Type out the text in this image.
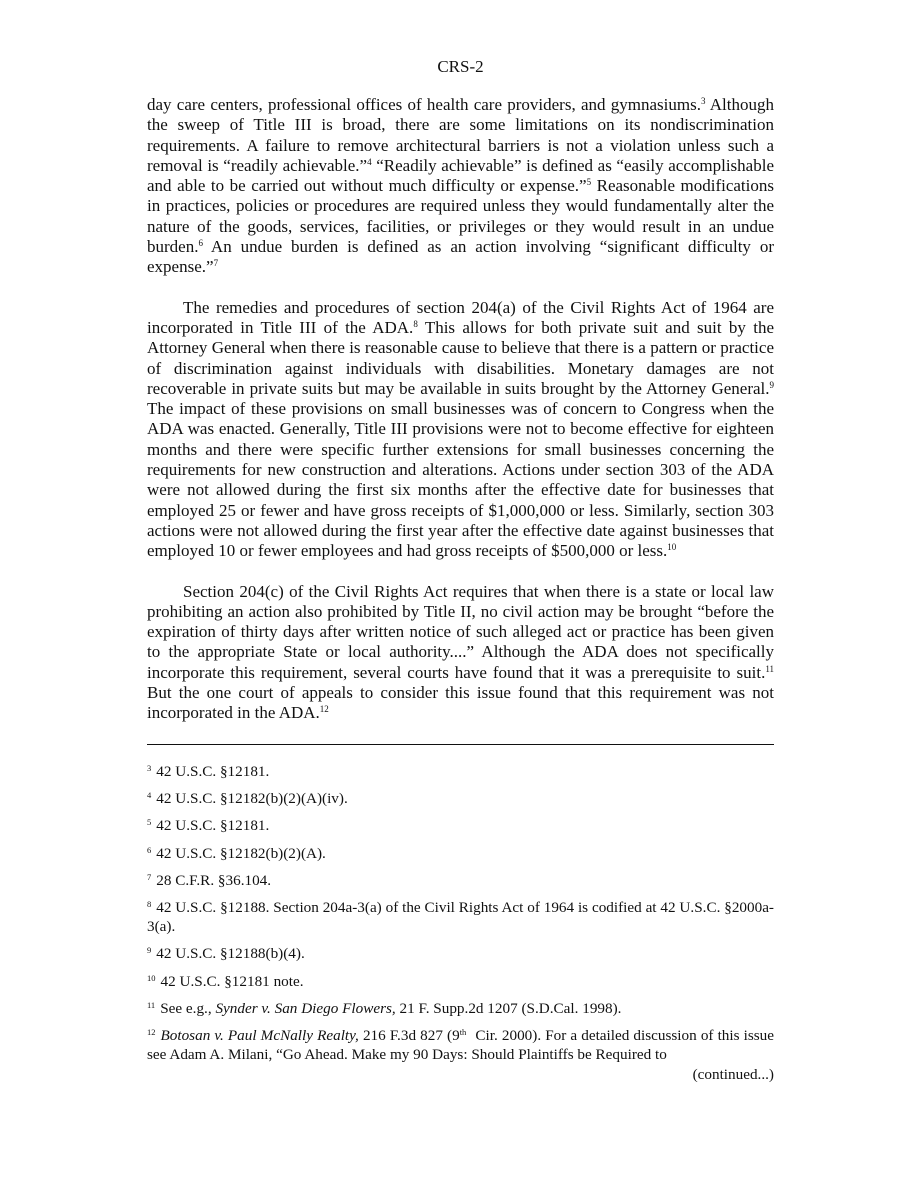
CRS-2

day care centers, professional offices of health care providers, and gymnasiums.$^3$ Although the sweep of Title III is broad, there are some limitations on its nondiscrimination requirements. A failure to remove architectural barriers is not a violation unless such a removal is “readily achievable.”$^4$ “Readily achievable” is defined as “easily accomplishable and able to be carried out without much difficulty or expense.”$^5$ Reasonable modifications in practices, policies or procedures are required unless they would fundamentally alter the nature of the goods, services, facilities, or privileges or they would result in an undue burden.$^6$ An undue burden is defined as an action involving “significant difficulty or expense.”$^7$

The remedies and procedures of section 204(a) of the Civil Rights Act of 1964 are incorporated in Title III of the ADA.$^8$ This allows for both private suit and suit by the Attorney General when there is reasonable cause to believe that there is a pattern or practice of discrimination against individuals with disabilities. Monetary damages are not recoverable in private suits but may be available in suits brought by the Attorney General.$^9$ The impact of these provisions on small businesses was of concern to Congress when the ADA was enacted. Generally, Title III provisions were not to become effective for eighteen months and there were specific further extensions for small businesses concerning the requirements for new construction and alterations. Actions under section 303 of the ADA were not allowed during the first six months after the effective date for businesses that employed 25 or fewer and have gross receipts of $1,000,000 or less. Similarly, section 303 actions were not allowed during the first year after the effective date against businesses that employed 10 or fewer employees and had gross receipts of $500,000 or less.$^{10}$

Section 204(c) of the Civil Rights Act requires that when there is a state or local law prohibiting an action also prohibited by Title II, no civil action may be brought “before the expiration of thirty days after written notice of such alleged act or practice has been given to the appropriate State or local authority....” Although the ADA does not specifically incorporate this requirement, several courts have found that it was a prerequisite to suit.$^{11}$ But the one court of appeals to consider this issue found that this requirement was not incorporated in the ADA.$^{12}$

$^3$ 42 U.S.C. §12181.

$^4$ 42 U.S.C. §12182(b)(2)(A)(iv).

$^5$ 42 U.S.C. §12181.

$^6$ 42 U.S.C. §12182(b)(2)(A).

$^7$ 28 C.F.R. §36.104.

$^8$ 42 U.S.C. §12188. Section 204a-3(a) of the Civil Rights Act of 1964 is codified at 42 U.S.C. §2000a-3(a).

$^9$ 42 U.S.C. §12188(b)(4).

$^{10}$ 42 U.S.C. §12181 note.

$^{11}$ See e.g., Synder v. San Diego Flowers, 21 F. Supp.2d 1207 (S.D.Cal. 1998).

$^{12}$ Botosan v. Paul McNally Realty, 216 F.3d 827 (9th Cir. 2000). For a detailed discussion of this issue see Adam A. Milani, “Go Ahead. Make my 90 Days: Should Plaintiffs be Required to

(continued...)
